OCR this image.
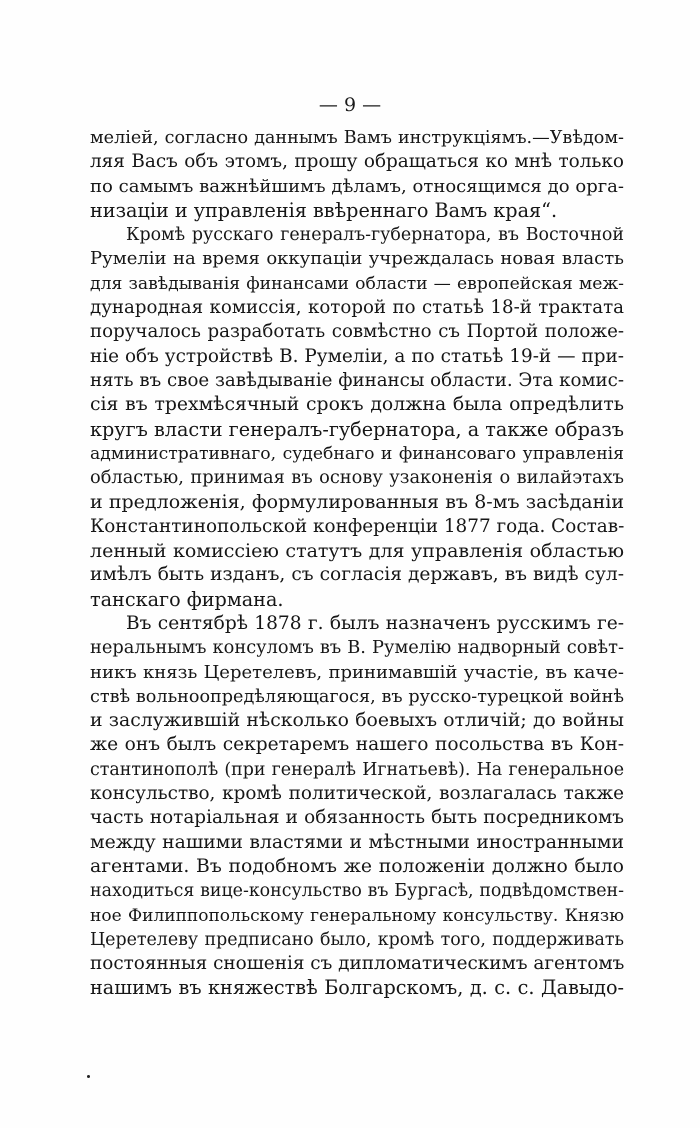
— 9 —
меліей, согласно даннымъ Вамъ инструкціямъ.—Увѣдом-
ляя Васъ объ этомъ, прошу обращаться ко мнѣ только
по самымъ важнѣйшимъ дѣламъ, относящимся до орга-
низаціи и управленія ввѣреннаго Вамъ края“.
Кромѣ русскаго генералъ-губернатора, въ Восточной
Румеліи на время оккупаціи учреждалась новая власть
для завѣдыванія финансами области — европейская меж-
дународная комиссія, которой по статьѣ 18-й трактата
поручалось разработать совмѣстно съ Портой положе-
ніе объ устройствѣ В. Румеліи, а по статьѣ 19-й — при-
нять въ свое завѣдываніе финансы области. Эта комис-
сія въ трехмѣсячный срокъ должна была опредѣлить
кругъ власти генералъ-губернатора, а также образъ
административнаго, судебнаго и финансоваго управленія
областью, принимая въ основу узаконенія о вилайэтахъ
и предложенія, формулированныя въ 8-мъ засѣданіи
Константинопольской конференціи 1877 года. Состав-
ленный комиссіею статутъ для управленія областью
имѣлъ быть изданъ, съ согласія державъ, въ видѣ сул-
танскаго фирмана.
Въ сентябрѣ 1878 г. былъ назначенъ русскимъ ге-
неральнымъ консуломъ въ В. Румелію надворный совѣт-
никъ князь Церетелевъ, принимавшій участіе, въ каче-
ствѣ вольноопредѣляющагося, въ русско-турецкой войнѣ
и заслужившій нѣсколько боевыхъ отличій; до войны
же онъ былъ секретаремъ нашего посольства въ Кон-
стантинополѣ (при генералѣ Игнатьевѣ). На генеральное
консульство, кромѣ политической, возлагалась также
часть нотаріальная и обязанность быть посредникомъ
между нашими властями и мѣстными иностранными
агентами. Въ подобномъ же положеніи должно было
находиться вице-консульство въ Бургасѣ, подвѣдомствен-
ное Филиппопольскому генеральному консульству. Князю
Церетелеву предписано было, кромѣ того, поддерживать
постоянныя сношенія съ дипломатическимъ агентомъ
нашимъ въ княжествѣ Болгарскомъ, д. с. с. Давыдо-
